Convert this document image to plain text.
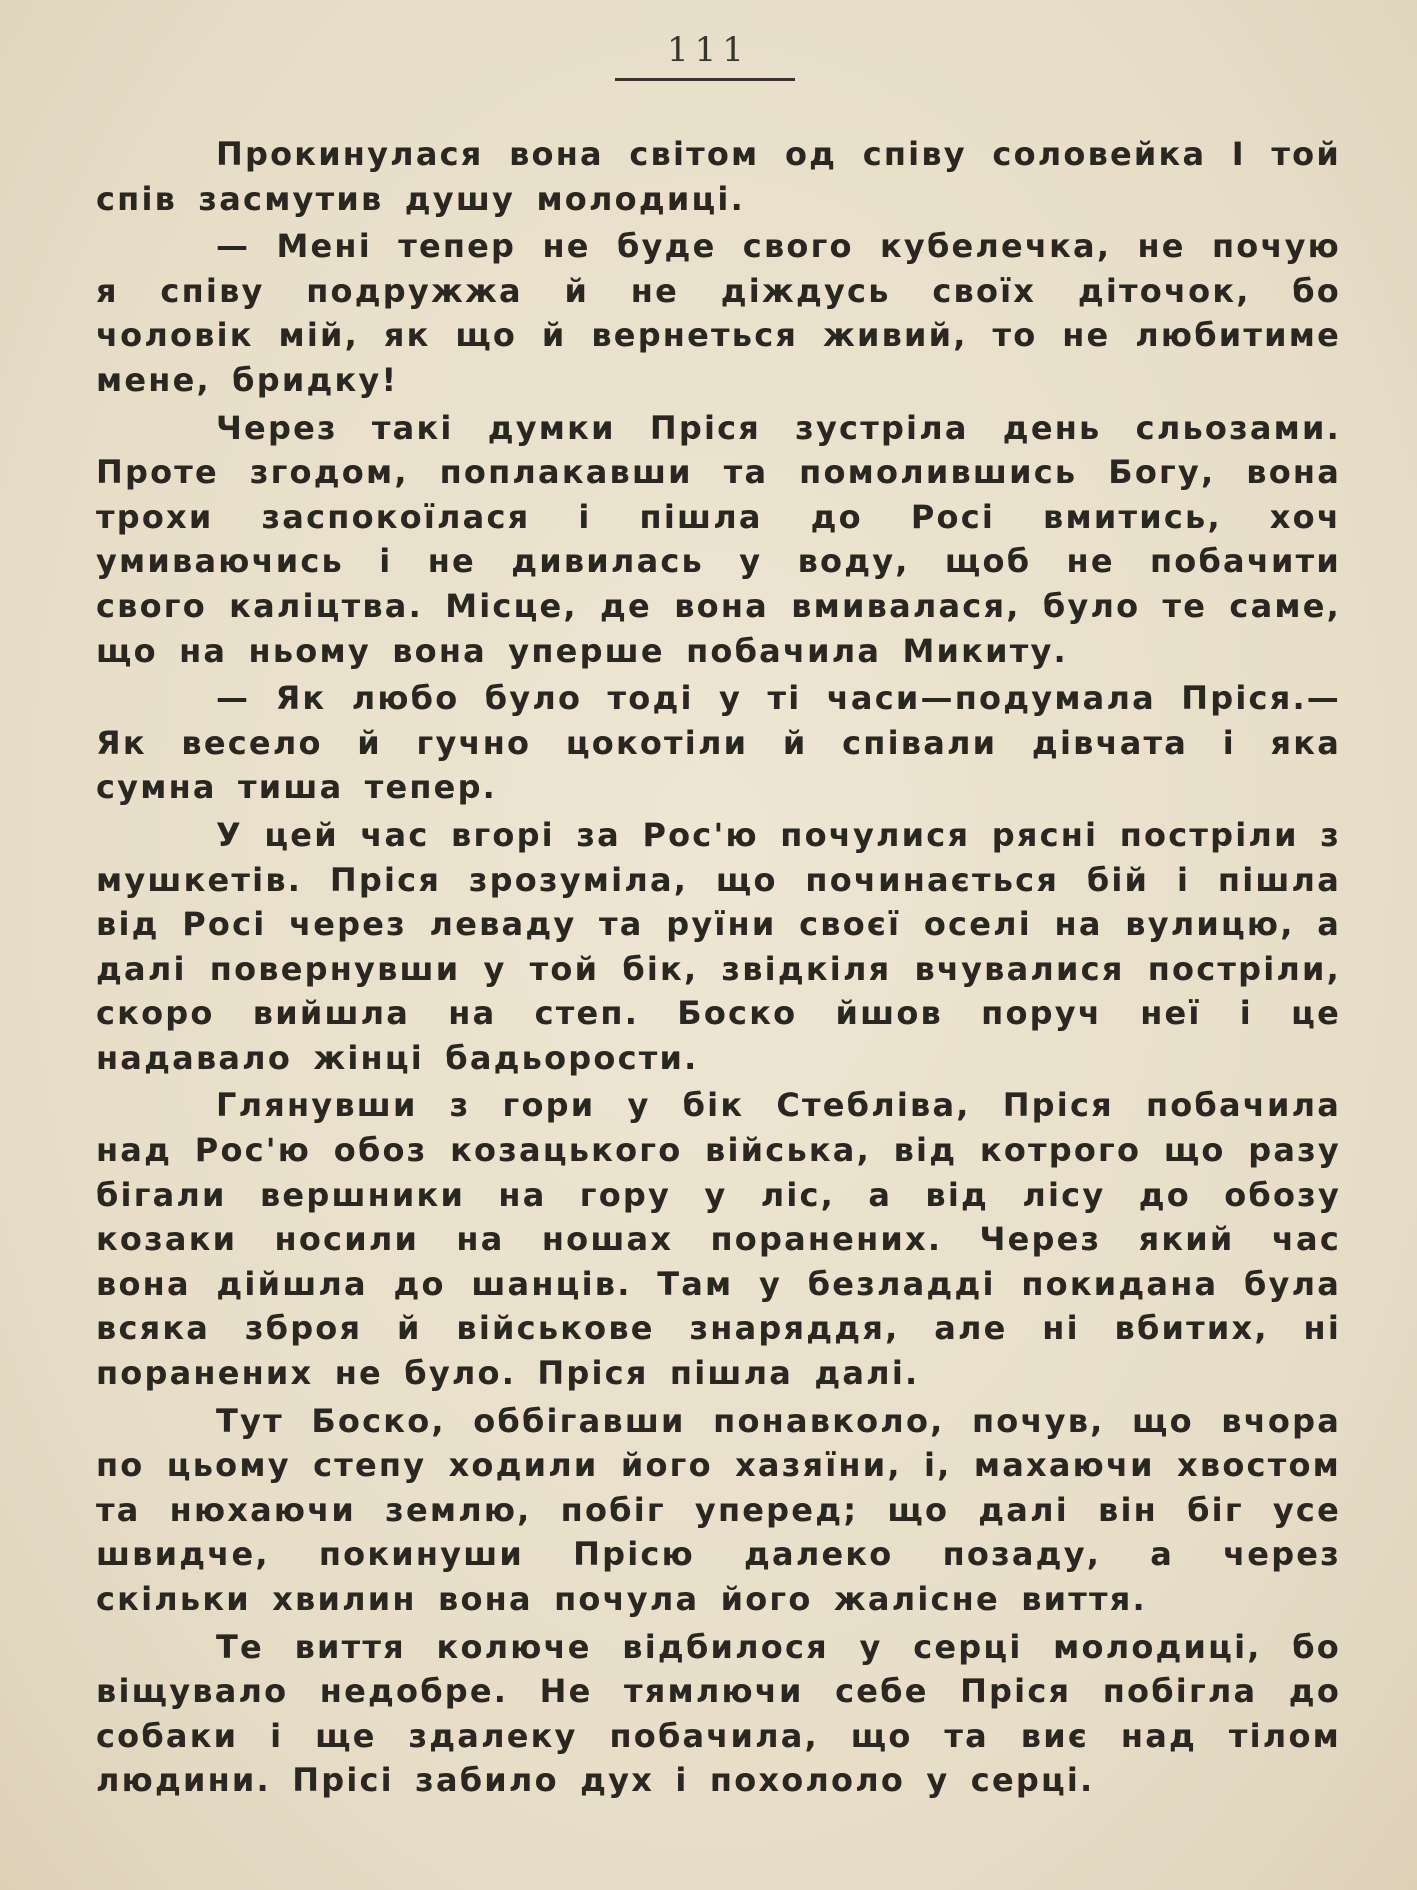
111

Прокинулася вона світом од співу соловейка І той спів засмутив душу молодиці.

— Мені тепер не буде свого кубелечка, не почую я співу подружжа й не діждусь своїх діточок, бо чоловік мій, як що й вернеться живий, то не любитиме мене, бридку!

Через такі думки Пріся зустріла день сльозами. Проте згодом, поплакавши та помолившись Богу, вона трохи заспокоїлася і пішла до Росі вмитись, хоч умиваючись і не дивилась у воду, щоб не побачити свого каліцтва. Місце, де вона вмивалася, було те саме, що на ньому вона уперше побачила Микиту.

— Як любо було тоді у ті часи—подумала Пріся.—Як весело й гучно цокотіли й співали дівчата і яка сумна тиша тепер.

У цей час вгорі за Рос'ю почулися рясні постріли з мушкетів. Пріся зрозуміла, що починається бій і пішла від Росі через леваду та руїни своєї оселі на вулицю, а далі повернувши у той бік, звідкіля вчувалися постріли, скоро вийшла на степ. Боско йшов поруч неї і це надавало жінці бадьорости.

Глянувши з гори у бік Стебліва, Пріся побачила над Рос'ю обоз козацького війська, від котрого що разу бігали вершники на гору у ліс, а від лісу до обозу козаки носили на ношах поранених. Через який час вона дійшла до шанців. Там у безладді покидана була всяка зброя й військове знаряддя, але ні вбитих, ні поранених не було. Пріся пішла далі.

Тут Боско, оббігавши понавколо, почув, що вчора по цьому степу ходили його хазяїни, і, махаючи хвостом та нюхаючи землю, побіг уперед; що далі він біг усе швидче, покинуши Прісю далеко позаду, а через скільки хвилин вона почула його жалісне виття.

Те виття колюче відбилося у серці молодиці, бо віщувало недобре. Не тямлючи себе Пріся побігла до собаки і ще здалеку побачила, що та виє над тілом людини. Прісі забило дух і похололо у серці.
